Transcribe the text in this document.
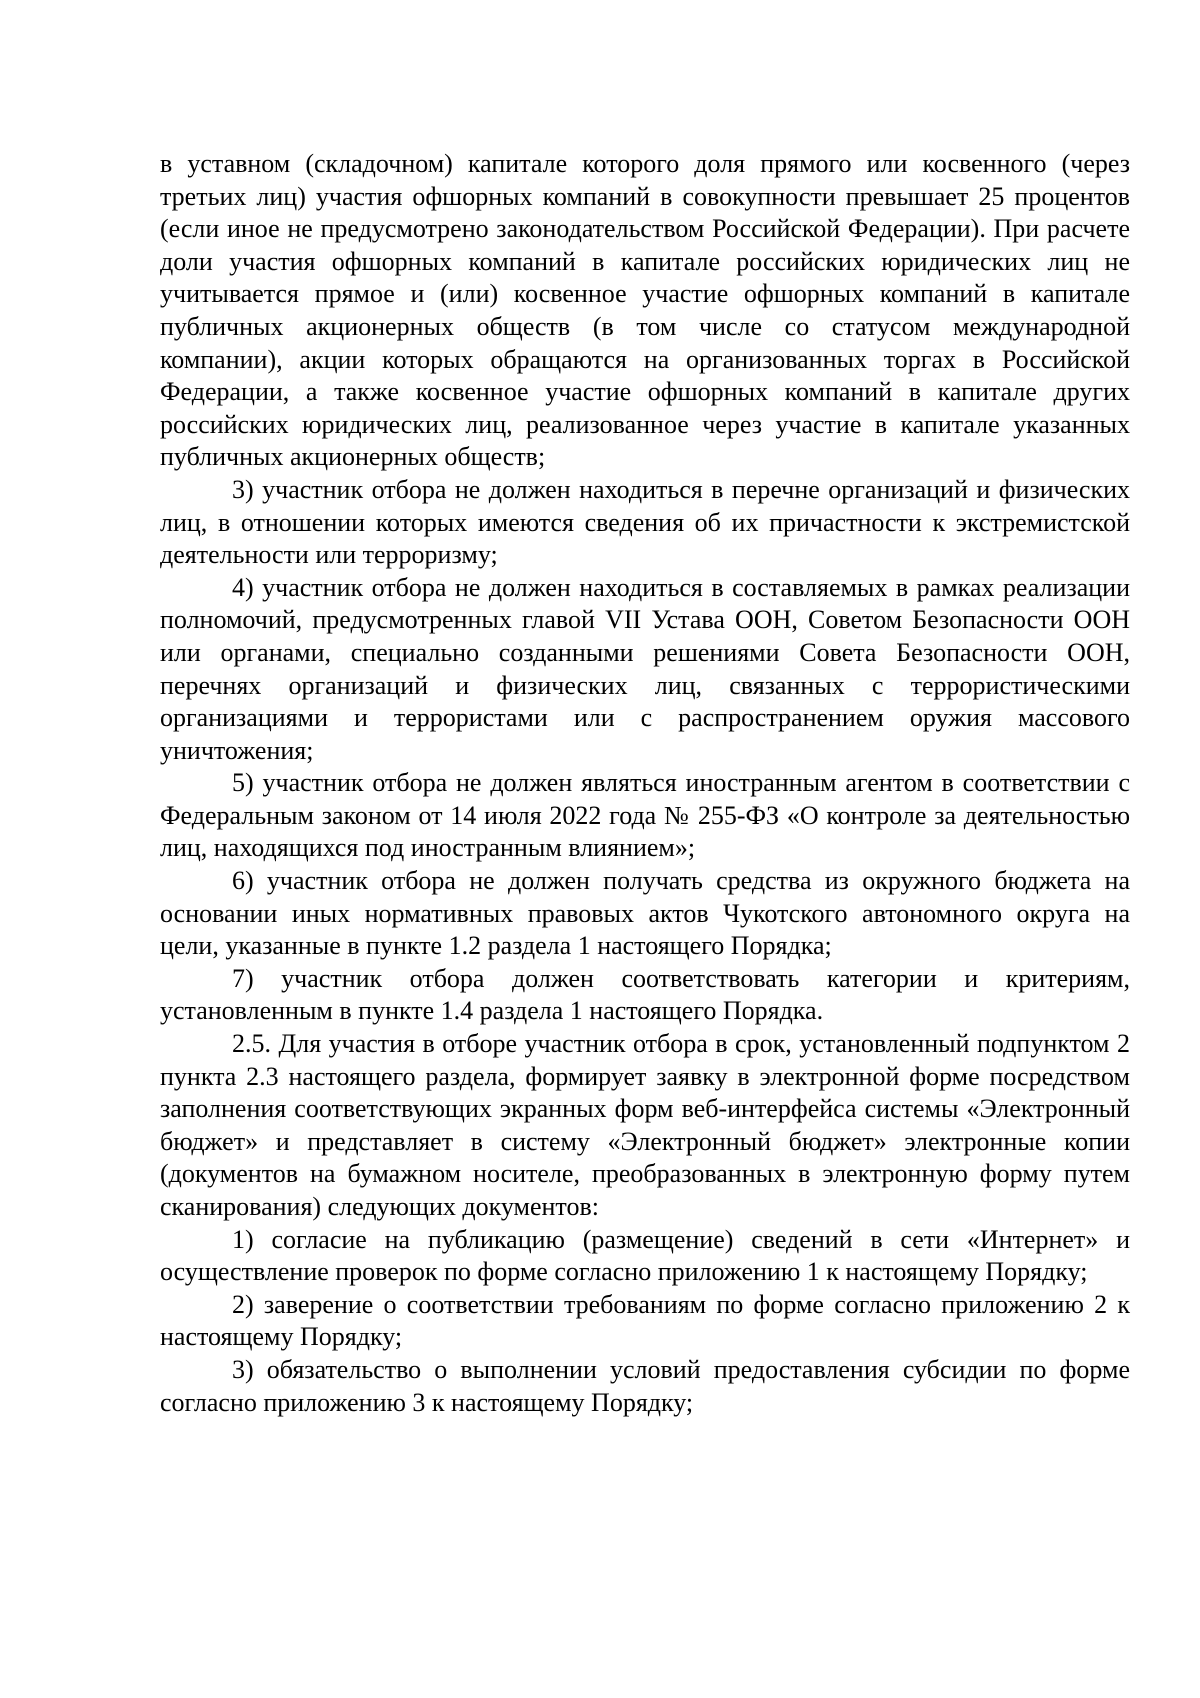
в уставном (складочном) капитале которого доля прямого или косвенного (через третьих лиц) участия офшорных компаний в совокупности превышает 25 процентов (если иное не предусмотрено законодательством Российской Федерации). При расчете доли участия офшорных компаний в капитале российских юридических лиц не учитывается прямое и (или) косвенное участие офшорных компаний в капитале публичных акционерных обществ (в том числе со статусом международной компании), акции которых обращаются на организованных торгах в Российской Федерации, а также косвенное участие офшорных компаний в капитале других российских юридических лиц, реализованное через участие в капитале указанных публичных акционерных обществ;

3) участник отбора не должен находиться в перечне организаций и физических лиц, в отношении которых имеются сведения об их причастности к экстремистской деятельности или терроризму;

4) участник отбора не должен находиться в составляемых в рамках реализации полномочий, предусмотренных главой VII Устава ООН, Советом Безопасности ООН или органами, специально созданными решениями Совета Безопасности ООН, перечнях организаций и физических лиц, связанных с террористическими организациями и террористами или с распространением оружия массового уничтожения;

5) участник отбора не должен являться иностранным агентом в соответствии с Федеральным законом от 14 июля 2022 года № 255-ФЗ «О контроле за деятельностью лиц, находящихся под иностранным влиянием»;

6) участник отбора не должен получать средства из окружного бюджета на основании иных нормативных правовых актов Чукотского автономного округа на цели, указанные в пункте 1.2 раздела 1 настоящего Порядка;

7) участник отбора должен соответствовать категории и критериям, установленным в пункте 1.4 раздела 1 настоящего Порядка.

2.5. Для участия в отборе участник отбора в срок, установленный подпунктом 2 пункта 2.3 настоящего раздела, формирует заявку в электронной форме посредством заполнения соответствующих экранных форм веб-интерфейса системы «Электронный бюджет» и представляет в систему «Электронный бюджет» электронные копии (документов на бумажном носителе, преобразованных в электронную форму путем сканирования) следующих документов:

1) согласие на публикацию (размещение) сведений в сети «Интернет» и осуществление проверок по форме согласно приложению 1 к настоящему Порядку;

2) заверение о соответствии требованиям по форме согласно приложению 2 к настоящему Порядку;

3) обязательство о выполнении условий предоставления субсидии по форме согласно приложению 3 к настоящему Порядку;
